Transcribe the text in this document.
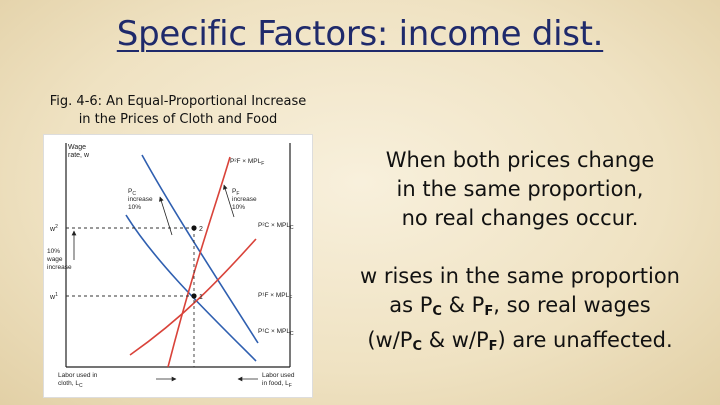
Specific Factors: income dist.
Fig. 4-6: An Equal-Proportional Increase
in the Prices of Cloth and Food
Wage
rate, w
2
1
$w^2$
$w^1$
10%
wage
increase
$P_C$
increase
10%
$P_F$
increase
10%
$P^2F \times MPL_F$
$P^2C \times MPL_C$
$P^1F \times MPL_F$
$P^1C \times MPL_C$
Labor used in
cloth, $L_C$
Labor used
in food, $L_F$
When both prices change
in the same proportion,
no real changes occur.
w rises in the same proportion
as $P_C$ & $P_F$, so real wages
($w/P_C$ & $w/P_F$) are unaffected.
